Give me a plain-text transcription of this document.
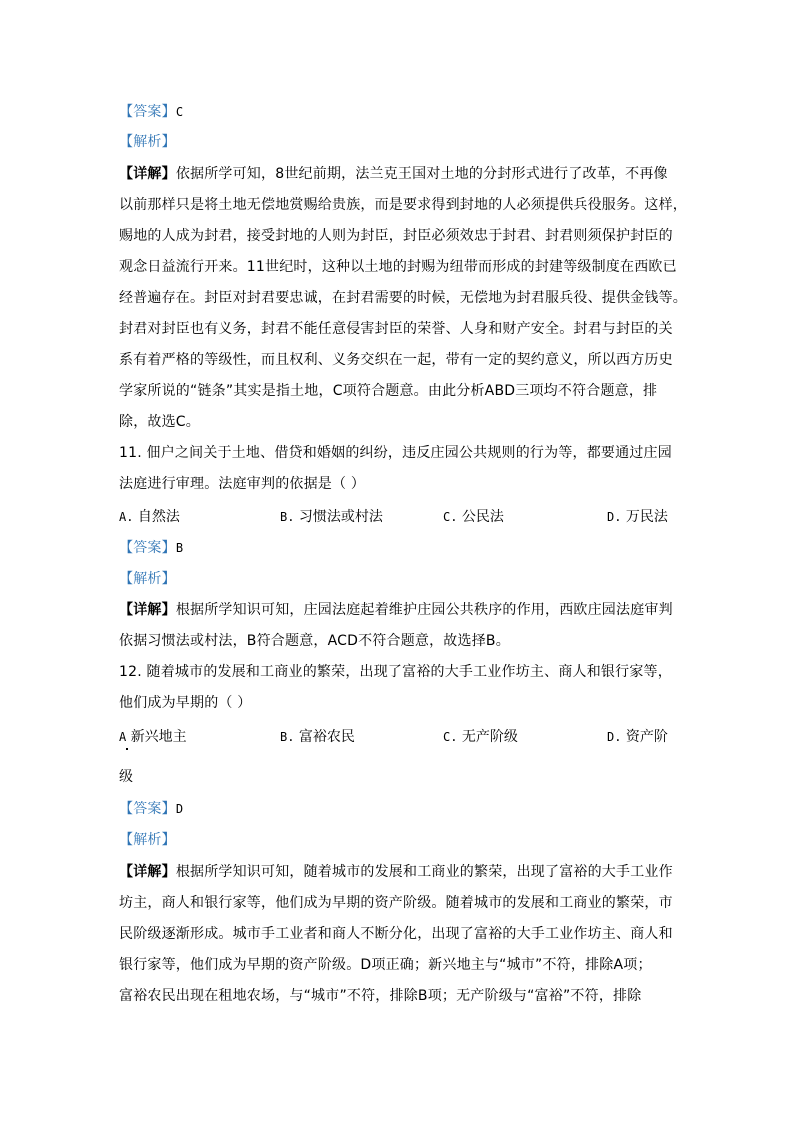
【答案】C
【解析】
【详解】依据所学可知，8世纪前期，法兰克王国对土地的分封形式进行了改革，不再像
以前那样只是将土地无偿地赏赐给贵族，而是要求得到封地的人必须提供兵役服务。这样，
赐地的人成为封君，接受封地的人则为封臣，封臣必须效忠于封君、封君则须保护封臣的
观念日益流行开来。11世纪时，这种以土地的封赐为纽带而形成的封建等级制度在西欧已
经普遍存在。封臣对封君要忠诚，在封君需要的时候，无偿地为封君服兵役、提供金钱等。
封君对封臣也有义务，封君不能任意侵害封臣的荣誉、人身和财产安全。封君与封臣的关
系有着严格的等级性，而且权利、义务交织在一起，带有一定的契约意义，所以西方历史
学家所说的“链条”其实是指土地，C项符合题意。由此分析ABD三项均不符合题意，排
除，故选C。
11. 佃户之间关于土地、借贷和婚姻的纠纷，违反庄园公共规则的行为等，都要通过庄园
法庭进行审理。法庭审判的依据是（ ）
A. 自然法	B. 习惯法或村法	C. 公民法	D. 万民法
【答案】B
【解析】
【详解】根据所学知识可知，庄园法庭起着维护庄园公共秩序的作用，西欧庄园法庭审判
依据习惯法或村法，B符合题意，ACD不符合题意，故选择B。
12. 随着城市的发展和工商业的繁荣，出现了富裕的大手工业作坊主、商人和银行家等，
他们成为早期的（ ）
A 新兴地主	B. 富裕农民	C. 无产阶级	D. 资产阶
级
【答案】D
【解析】
【详解】根据所学知识可知，随着城市的发展和工商业的繁荣，出现了富裕的大手工业作
坊主，商人和银行家等，他们成为早期的资产阶级。随着城市的发展和工商业的繁荣，市
民阶级逐渐形成。城市手工业者和商人不断分化，出现了富裕的大手工业作坊主、商人和
银行家等，他们成为早期的资产阶级。D项正确；新兴地主与“城市”不符，排除A项；
富裕农民出现在租地农场，与“城市”不符，排除B项；无产阶级与“富裕”不符，排除
